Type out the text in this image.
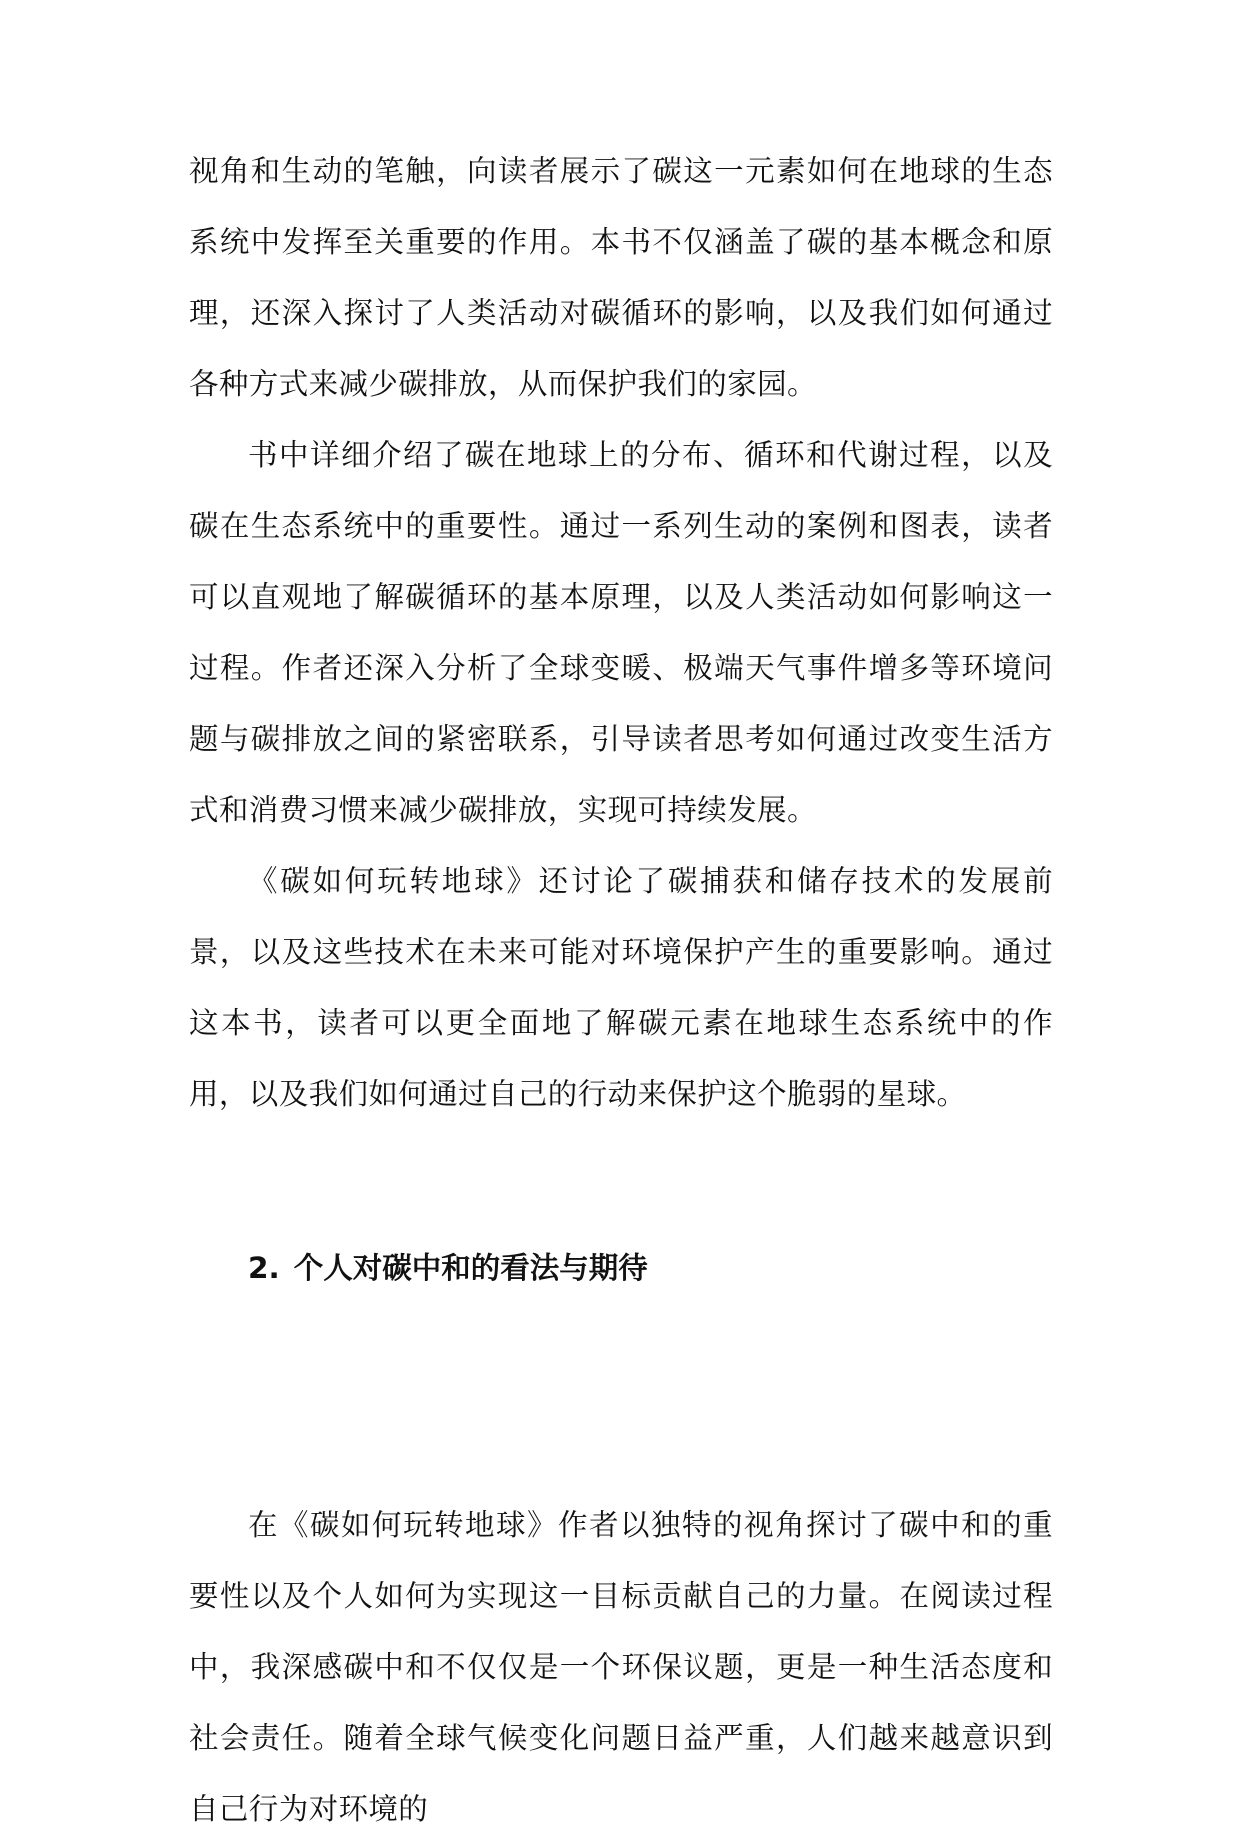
视角和生动的笔触，向读者展示了碳这一元素如何在地球的生态系统中发挥至关重要的作用。本书不仅涵盖了碳的基本概念和原理，还深入探讨了人类活动对碳循环的影响，以及我们如何通过各种方式来减少碳排放，从而保护我们的家园。

书中详细介绍了碳在地球上的分布、循环和代谢过程，以及碳在生态系统中的重要性。通过一系列生动的案例和图表，读者可以直观地了解碳循环的基本原理，以及人类活动如何影响这一过程。作者还深入分析了全球变暖、极端天气事件增多等环境问题与碳排放之间的紧密联系，引导读者思考如何通过改变生活方式和消费习惯来减少碳排放，实现可持续发展。

《碳如何玩转地球》还讨论了碳捕获和储存技术的发展前景，以及这些技术在未来可能对环境保护产生的重要影响。通过这本书，读者可以更全面地了解碳元素在地球生态系统中的作用，以及我们如何通过自己的行动来保护这个脆弱的星球。

2. 个人对碳中和的看法与期待

在《碳如何玩转地球》作者以独特的视角探讨了碳中和的重要性以及个人如何为实现这一目标贡献自己的力量。在阅读过程中，我深感碳中和不仅仅是一个环保议题，更是一种生活态度和社会责任。随着全球气候变化问题日益严重，人们越来越意识到自己行为对环境的
